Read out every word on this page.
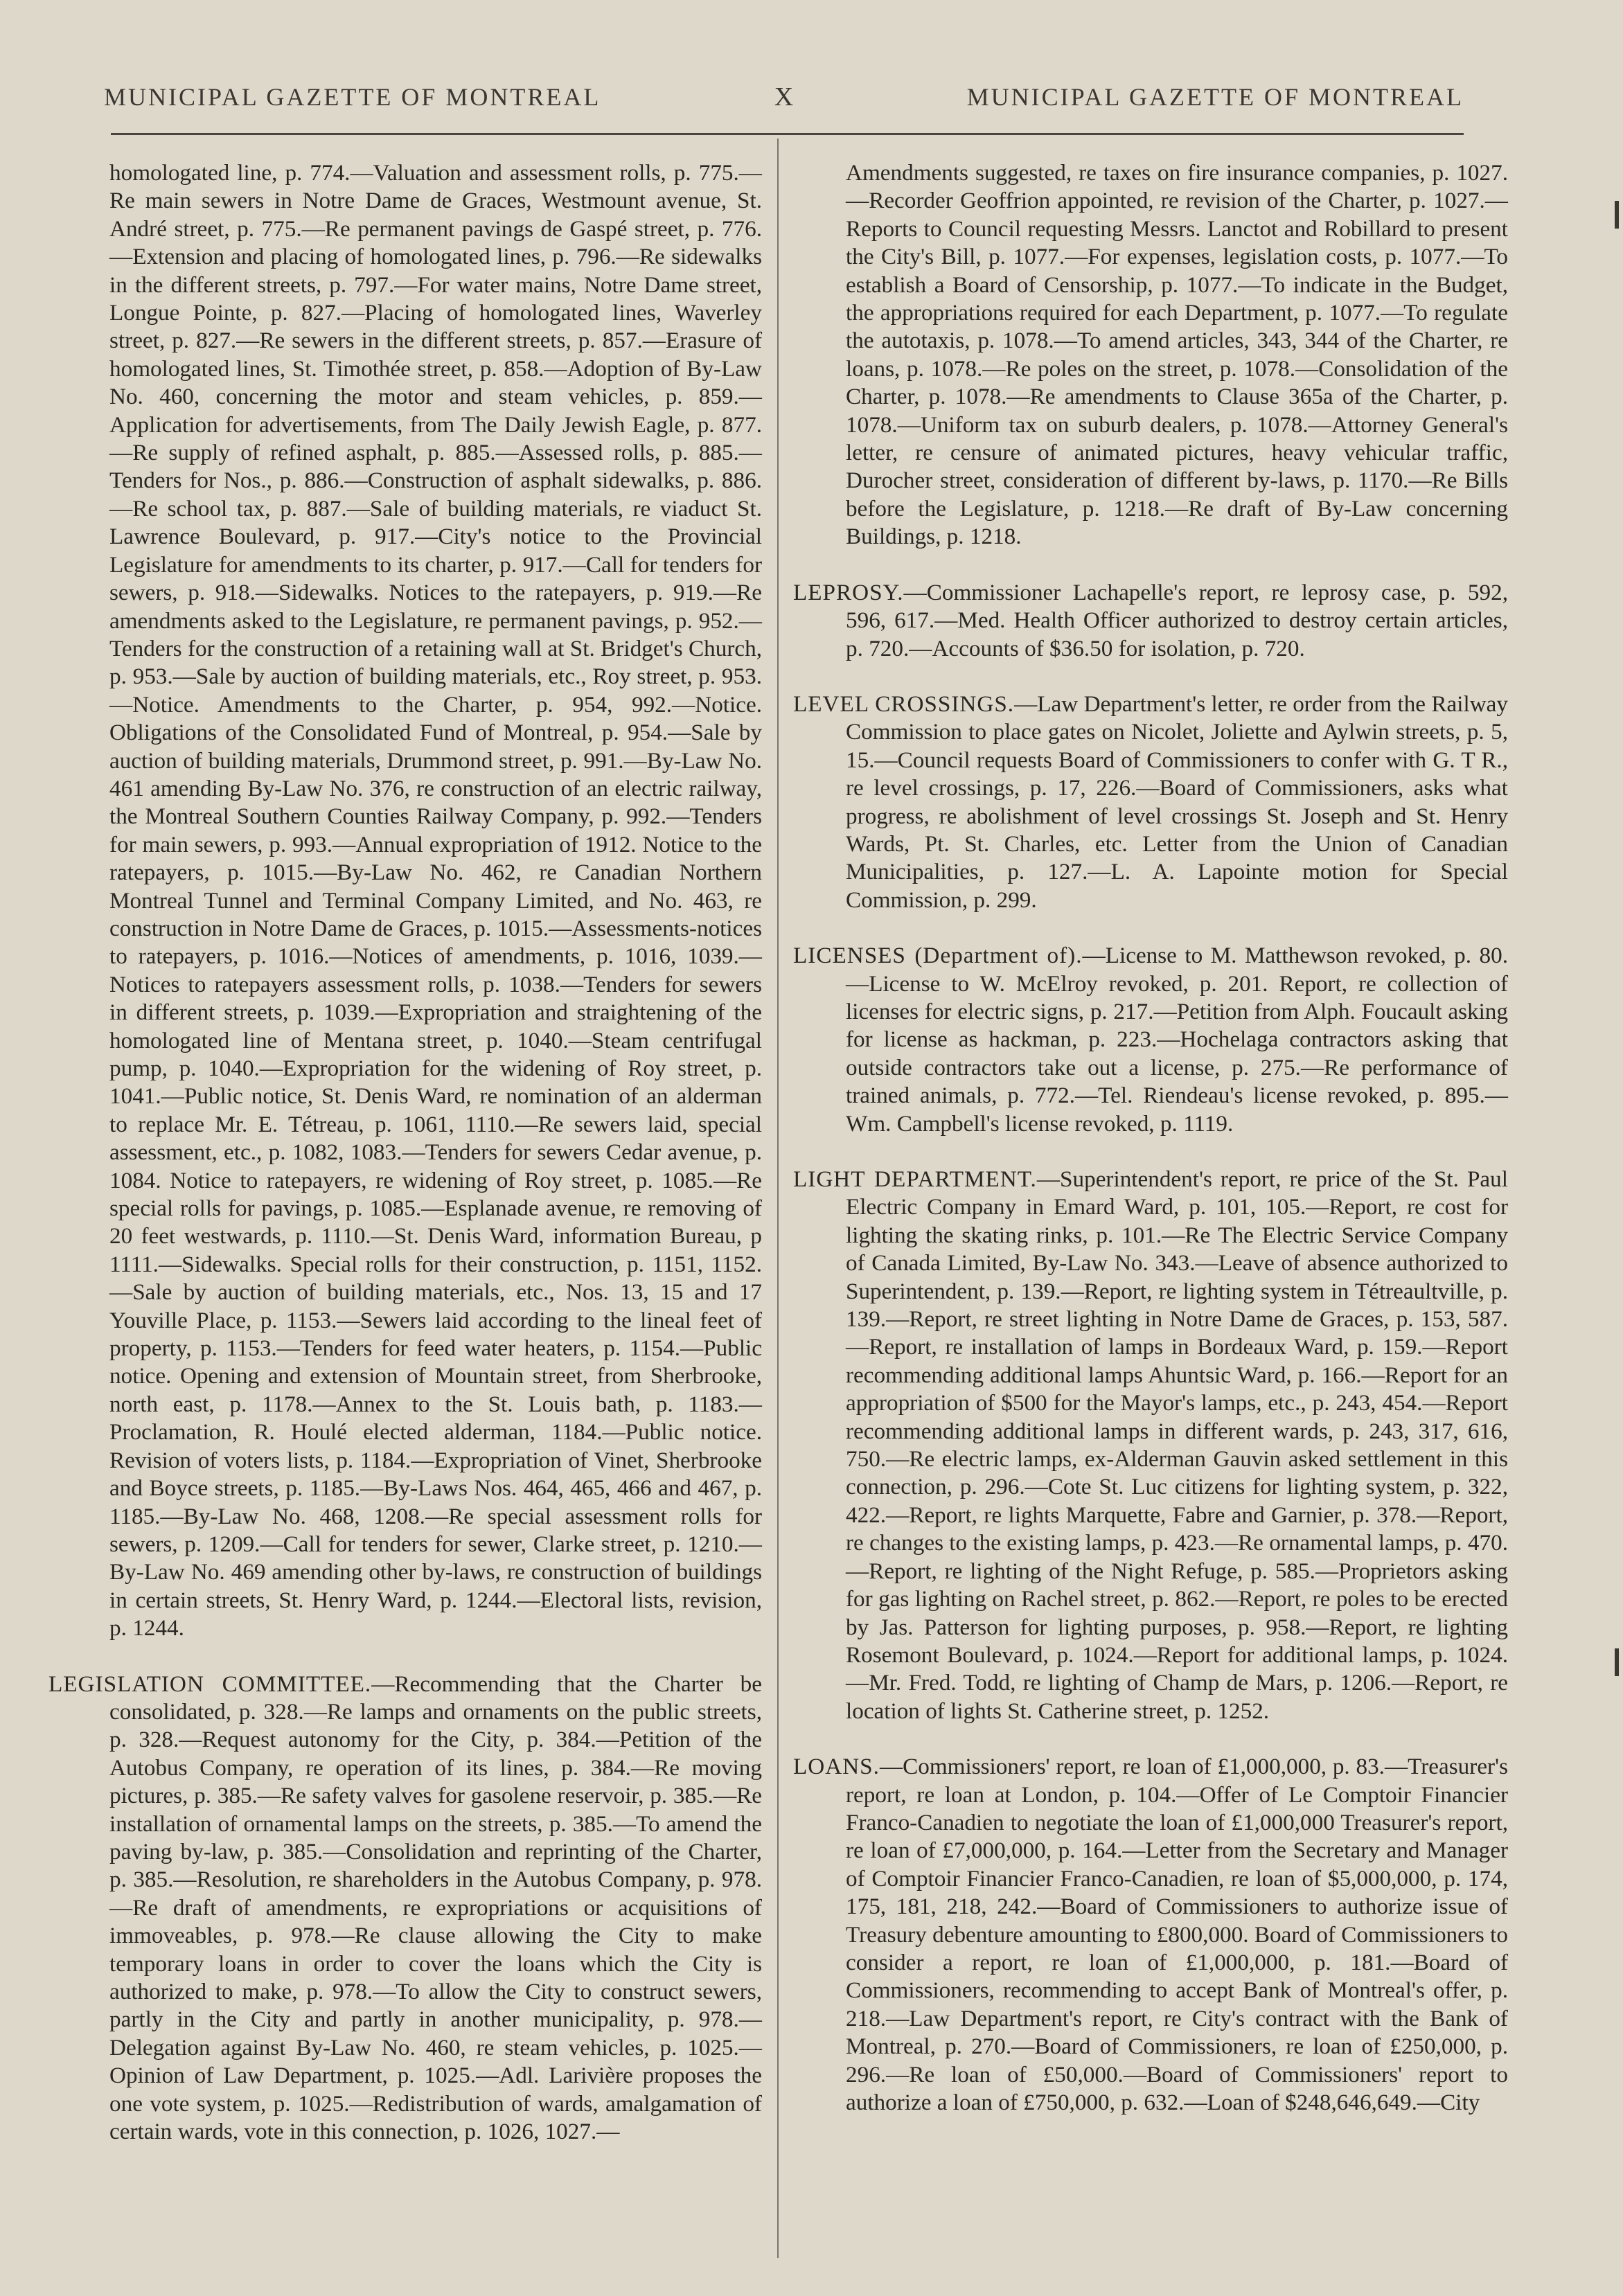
MUNICIPAL GAZETTE OF MONTREAL	X	MUNICIPAL GAZETTE OF MONTREAL

homologated line, p. 774.—Valuation and assessment rolls, p. 775.—Re main sewers in Notre Dame de Graces, Westmount avenue, St. André street, p. 775.—Re permanent pavings de Gaspé street, p. 776.—Extension and placing of homologated lines, p. 796.—Re sidewalks in the different streets, p. 797.—For water mains, Notre Dame street, Longue Pointe, p. 827.—Placing of homologated lines, Waverley street, p. 827.—Re sewers in the different streets, p. 857.—Erasure of homologated lines, St. Timothée street, p. 858.—Adoption of By-Law No. 460, concerning the motor and steam vehicles, p. 859.—Application for advertisements, from The Daily Jewish Eagle, p. 877.—Re supply of refined asphalt, p. 885.—Assessed rolls, p. 885.—Tenders for Nos., p. 886.—Construction of asphalt sidewalks, p. 886.—Re school tax, p. 887.—Sale of building materials, re viaduct St. Lawrence Boulevard, p. 917.—City's notice to the Provincial Legislature for amendments to its charter, p. 917.—Call for tenders for sewers, p. 918.—Sidewalks. Notices to the ratepayers, p. 919.—Re amendments asked to the Legislature, re permanent pavings, p. 952.—Tenders for the construction of a retaining wall at St. Bridget's Church, p. 953.—Sale by auction of building materials, etc., Roy street, p. 953.—Notice. Amendments to the Charter, p. 954, 992.—Notice. Obligations of the Consolidated Fund of Montreal, p. 954.—Sale by auction of building materials, Drummond street, p. 991.—By-Law No. 461 amending By-Law No. 376, re construction of an electric railway, the Montreal Southern Counties Railway Company, p. 992.—Tenders for main sewers, p. 993.—Annual expropriation of 1912. Notice to the ratepayers, p. 1015.—By-Law No. 462, re Canadian Northern Montreal Tunnel and Terminal Company Limited, and No. 463, re construction in Notre Dame de Graces, p. 1015.—Assessments-notices to ratepayers, p. 1016.—Notices of amendments, p. 1016, 1039.—Notices to ratepayers assessment rolls, p. 1038.—Tenders for sewers in different streets, p. 1039.—Expropriation and straightening of the homologated line of Mentana street, p. 1040.—Steam centrifugal pump, p. 1040.—Expropriation for the widening of Roy street, p. 1041.—Public notice, St. Denis Ward, re nomination of an alderman to replace Mr. E. Tétreau, p. 1061, 1110.—Re sewers laid, special assessment, etc., p. 1082, 1083.—Tenders for sewers Cedar avenue, p. 1084. Notice to ratepayers, re widening of Roy street, p. 1085.—Re special rolls for pavings, p. 1085.—Esplanade avenue, re removing of 20 feet westwards, p. 1110.—St. Denis Ward, information Bureau, p 1111.—Sidewalks. Special rolls for their construction, p. 1151, 1152.—Sale by auction of building materials, etc., Nos. 13, 15 and 17 Youville Place, p. 1153.—Sewers laid according to the lineal feet of property, p. 1153.—Tenders for feed water heaters, p. 1154.—Public notice. Opening and extension of Mountain street, from Sherbrooke, north east, p. 1178.—Annex to the St. Louis bath, p. 1183.—Proclamation, R. Houlé elected alderman, 1184.—Public notice. Revision of voters lists, p. 1184.—Expropriation of Vinet, Sherbrooke and Boyce streets, p. 1185.—By-Laws Nos. 464, 465, 466 and 467, p. 1185.—By-Law No. 468, 1208.—Re special assessment rolls for sewers, p. 1209.—Call for tenders for sewer, Clarke street, p. 1210.—By-Law No. 469 amending other by-laws, re construction of buildings in certain streets, St. Henry Ward, p. 1244.—Electoral lists, revision, p. 1244.

LEGISLATION COMMITTEE.—Recommending that the Charter be consolidated, p. 328.—Re lamps and ornaments on the public streets, p. 328.—Request autonomy for the City, p. 384.—Petition of the Autobus Company, re operation of its lines, p. 384.—Re moving pictures, p. 385.—Re safety valves for gasolene reservoir, p. 385.—Re installation of ornamental lamps on the streets, p. 385.—To amend the paving by-law, p. 385.—Consolidation and reprinting of the Charter, p. 385.—Resolution, re shareholders in the Autobus Company, p. 978.—Re draft of amendments, re expropriations or acquisitions of immoveables, p. 978.—Re clause allowing the City to make temporary loans in order to cover the loans which the City is authorized to make, p. 978.—To allow the City to construct sewers, partly in the City and partly in another municipality, p. 978.—Delegation against By-Law No. 460, re steam vehicles, p. 1025.—Opinion of Law Department, p. 1025.—Adl. Larivière proposes the one vote system, p. 1025.—Redistribution of wards, amalgamation of certain wards, vote in this connection, p. 1026, 1027.—

Amendments suggested, re taxes on fire insurance companies, p. 1027.—Recorder Geoffrion appointed, re revision of the Charter, p. 1027.—Reports to Council requesting Messrs. Lanctot and Robillard to present the City's Bill, p. 1077.—For expenses, legislation costs, p. 1077.—To establish a Board of Censorship, p. 1077.—To indicate in the Budget, the appropriations required for each Department, p. 1077.—To regulate the autotaxis, p. 1078.—To amend articles, 343, 344 of the Charter, re loans, p. 1078.—Re poles on the street, p. 1078.—Consolidation of the Charter, p. 1078.—Re amendments to Clause 365a of the Charter, p. 1078.—Uniform tax on suburb dealers, p. 1078.—Attorney General's letter, re censure of animated pictures, heavy vehicular traffic, Durocher street, consideration of different by-laws, p. 1170.—Re Bills before the Legislature, p. 1218.—Re draft of By-Law concerning Buildings, p. 1218.

LEPROSY.—Commissioner Lachapelle's report, re leprosy case, p. 592, 596, 617.—Med. Health Officer authorized to destroy certain articles, p. 720.—Accounts of $36.50 for isolation, p. 720.

LEVEL CROSSINGS.—Law Department's letter, re order from the Railway Commission to place gates on Nicolet, Joliette and Aylwin streets, p. 5, 15.—Council requests Board of Commissioners to confer with G. T R., re level crossings, p. 17, 226.—Board of Commissioners, asks what progress, re abolishment of level crossings St. Joseph and St. Henry Wards, Pt. St. Charles, etc. Letter from the Union of Canadian Municipalities, p. 127.—L. A. Lapointe motion for Special Commission, p. 299.

LICENSES (Department of).—License to M. Matthewson revoked, p. 80.—License to W. McElroy revoked, p. 201. Report, re collection of licenses for electric signs, p. 217.—Petition from Alph. Foucault asking for license as hackman, p. 223.—Hochelaga contractors asking that outside contractors take out a license, p. 275.—Re performance of trained animals, p. 772.—Tel. Riendeau's license revoked, p. 895.—Wm. Campbell's license revoked, p. 1119.

LIGHT DEPARTMENT.—Superintendent's report, re price of the St. Paul Electric Company in Emard Ward, p. 101, 105.—Report, re cost for lighting the skating rinks, p. 101.—Re The Electric Service Company of Canada Limited, By-Law No. 343.—Leave of absence authorized to Superintendent, p. 139.—Report, re lighting system in Tétreaultville, p. 139.—Report, re street lighting in Notre Dame de Graces, p. 153, 587.—Report, re installation of lamps in Bordeaux Ward, p. 159.—Report recommending additional lamps Ahuntsic Ward, p. 166.—Report for an appropriation of $500 for the Mayor's lamps, etc., p. 243, 454.—Report recommending additional lamps in different wards, p. 243, 317, 616, 750.—Re electric lamps, ex-Alderman Gauvin asked settlement in this connection, p. 296.—Cote St. Luc citizens for lighting system, p. 322, 422.—Report, re lights Marquette, Fabre and Garnier, p. 378.—Report, re changes to the existing lamps, p. 423.—Re ornamental lamps, p. 470.—Report, re lighting of the Night Refuge, p. 585.—Proprietors asking for gas lighting on Rachel street, p. 862.—Report, re poles to be erected by Jas. Patterson for lighting purposes, p. 958.—Report, re lighting Rosemont Boulevard, p. 1024.—Report for additional lamps, p. 1024.—Mr. Fred. Todd, re lighting of Champ de Mars, p. 1206.—Report, re location of lights St. Catherine street, p. 1252.

LOANS.—Commissioners' report, re loan of £1,000,000, p. 83.—Treasurer's report, re loan at London, p. 104.—Offer of Le Comptoir Financier Franco-Canadien to negotiate the loan of £1,000,000 Treasurer's report, re loan of £7,000,000, p. 164.—Letter from the Secretary and Manager of Comptoir Financier Franco-Canadien, re loan of $5,000,000, p. 174, 175, 181, 218, 242.—Board of Commissioners to authorize issue of Treasury debenture amounting to £800,000. Board of Commissioners to consider a report, re loan of £1,000,000, p. 181.—Board of Commissioners, recommending to accept Bank of Montreal's offer, p. 218.—Law Department's report, re City's contract with the Bank of Montreal, p. 270.—Board of Commissioners, re loan of £250,000, p. 296.—Re loan of £50,000.—Board of Commissioners' report to authorize a loan of £750,000, p. 632.—Loan of $248,646,649.—City
